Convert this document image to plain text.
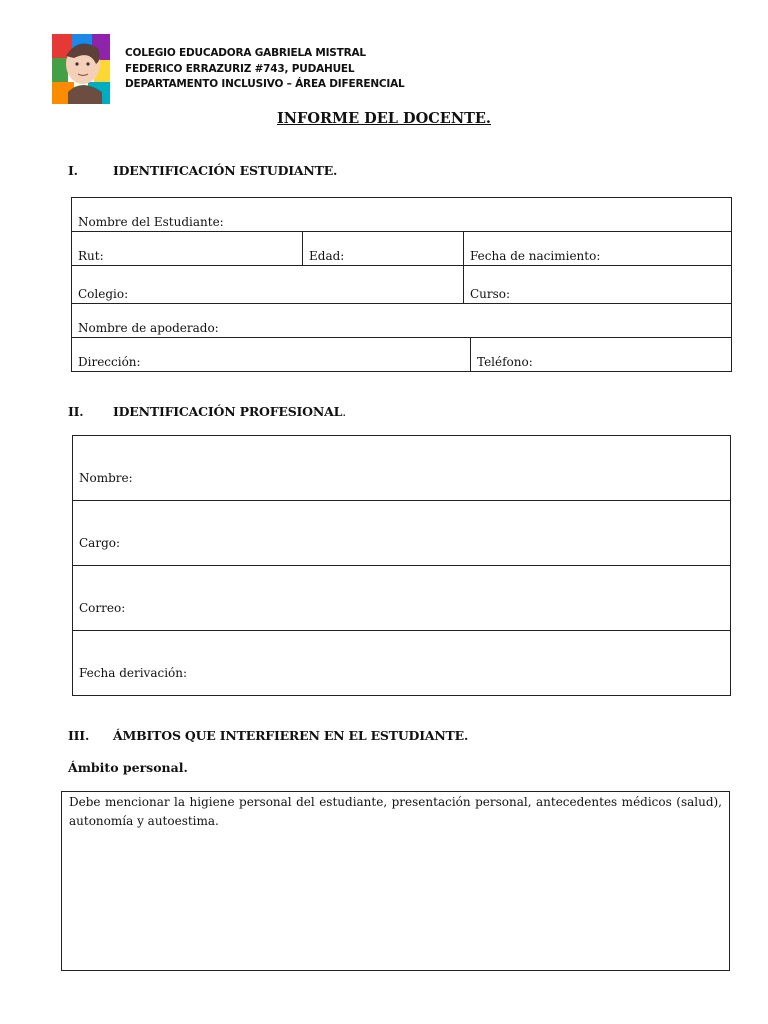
COLEGIO EDUCADORA GABRIELA MISTRAL
FEDERICO ERRAZURIZ #743, PUDAHUEL
DEPARTAMENTO INCLUSIVO – ÁREA DIFERENCIAL
INFORME DEL DOCENTE.
I.	IDENTIFICACIÓN ESTUDIANTE.
Nombre del Estudiante:			
Rut:	Edad:	Fecha de nacimiento:	
Colegio:		Curso:	
Nombre de apoderado:			
Dirección:			Teléfono:
II. IDENTIFICACIÓN PROFESIONAL.
Nombre:
Cargo:
Correo:
Fecha derivación:
III. ÁMBITOS QUE INTERFIEREN EN EL ESTUDIANTE.
Ámbito personal.
Debe mencionar la higiene personal del estudiante, presentación personal, antecedentes médicos (salud), autonomía y autoestima.
